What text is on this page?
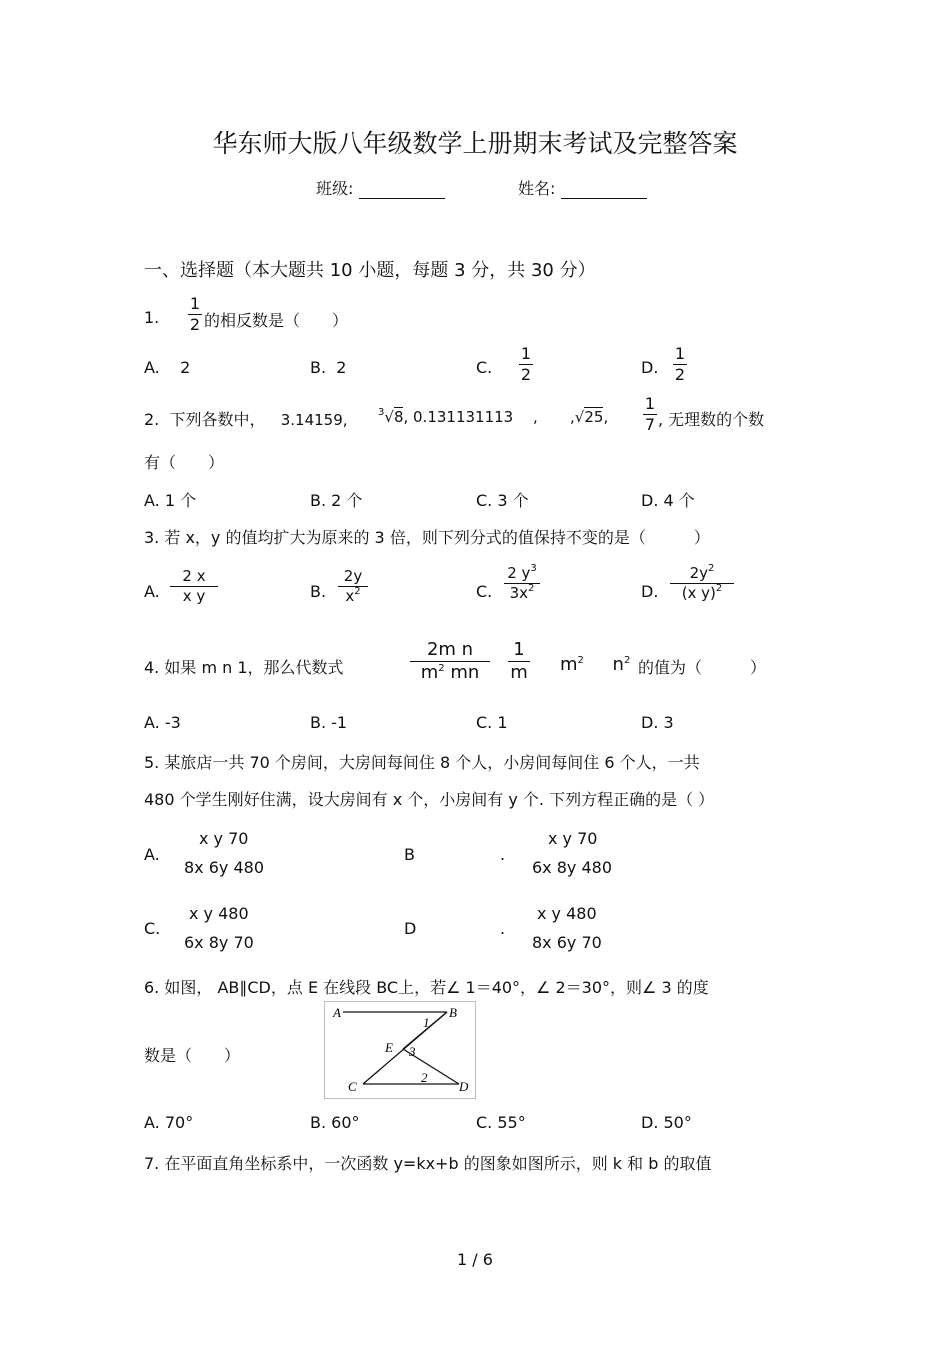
华东师大版八年级数学上册期末考试及完整答案
班级:	姓名:
一、选择题（本大题共 10 小题，每题 3 分，共 30 分）
1.
1
2 的相反数是（　　）
A. 2	B. 2	C.
1
2	D.
1
2
2. 下列各数中， 3.14159,	$^3$√8, 0.131131113 , ,√25,
1
7 , 无理数的个数
有（　　）
A. 1 个	B. 2 个	C. 3 个	D. 4 个
3. 若 x，y 的值均扩大为原来的 3 倍，则下列分式的值保持不变的是（　　　）
A.
2 x
x y	B.
2y
$x^2$	C.
2 $y^3$
$3x^2$	D.
$2y^2$
(x y)$^2$
4. 如果 m n 1，那么代数式
2m n
$m^2$ mn
1
m $m^2$ $n^2$ 的值为（　　　）
A. -3	B. -1	C. 1	D. 3
5. 某旅店一共 70 个房间，大房间每间住 8 个人，小房间每间住 6 个人，一共
480 个学生刚好住满，设大房间有 x 个，小房间有 y 个. 下列方程正确的是（ ）
A.
x y 70
8x 6y 480
B	.
x y 70
6x 8y 480
C.
x y 480
6x 8y 70
D	.
x y 480
8x 6y 70
6. 如图， AB∥CD，点 E 在线段 BC上，若∠ 1＝40°，∠ 2＝30°，则∠ 3 的度
数是（　　）
A	B
C	D
E
1
2
3
A. 70°	B. 60°	C. 55°	D. 50°
7. 在平面直角坐标系中，一次函数 y=kx+b 的图象如图所示，则 k 和 b 的取值
1 / 6
